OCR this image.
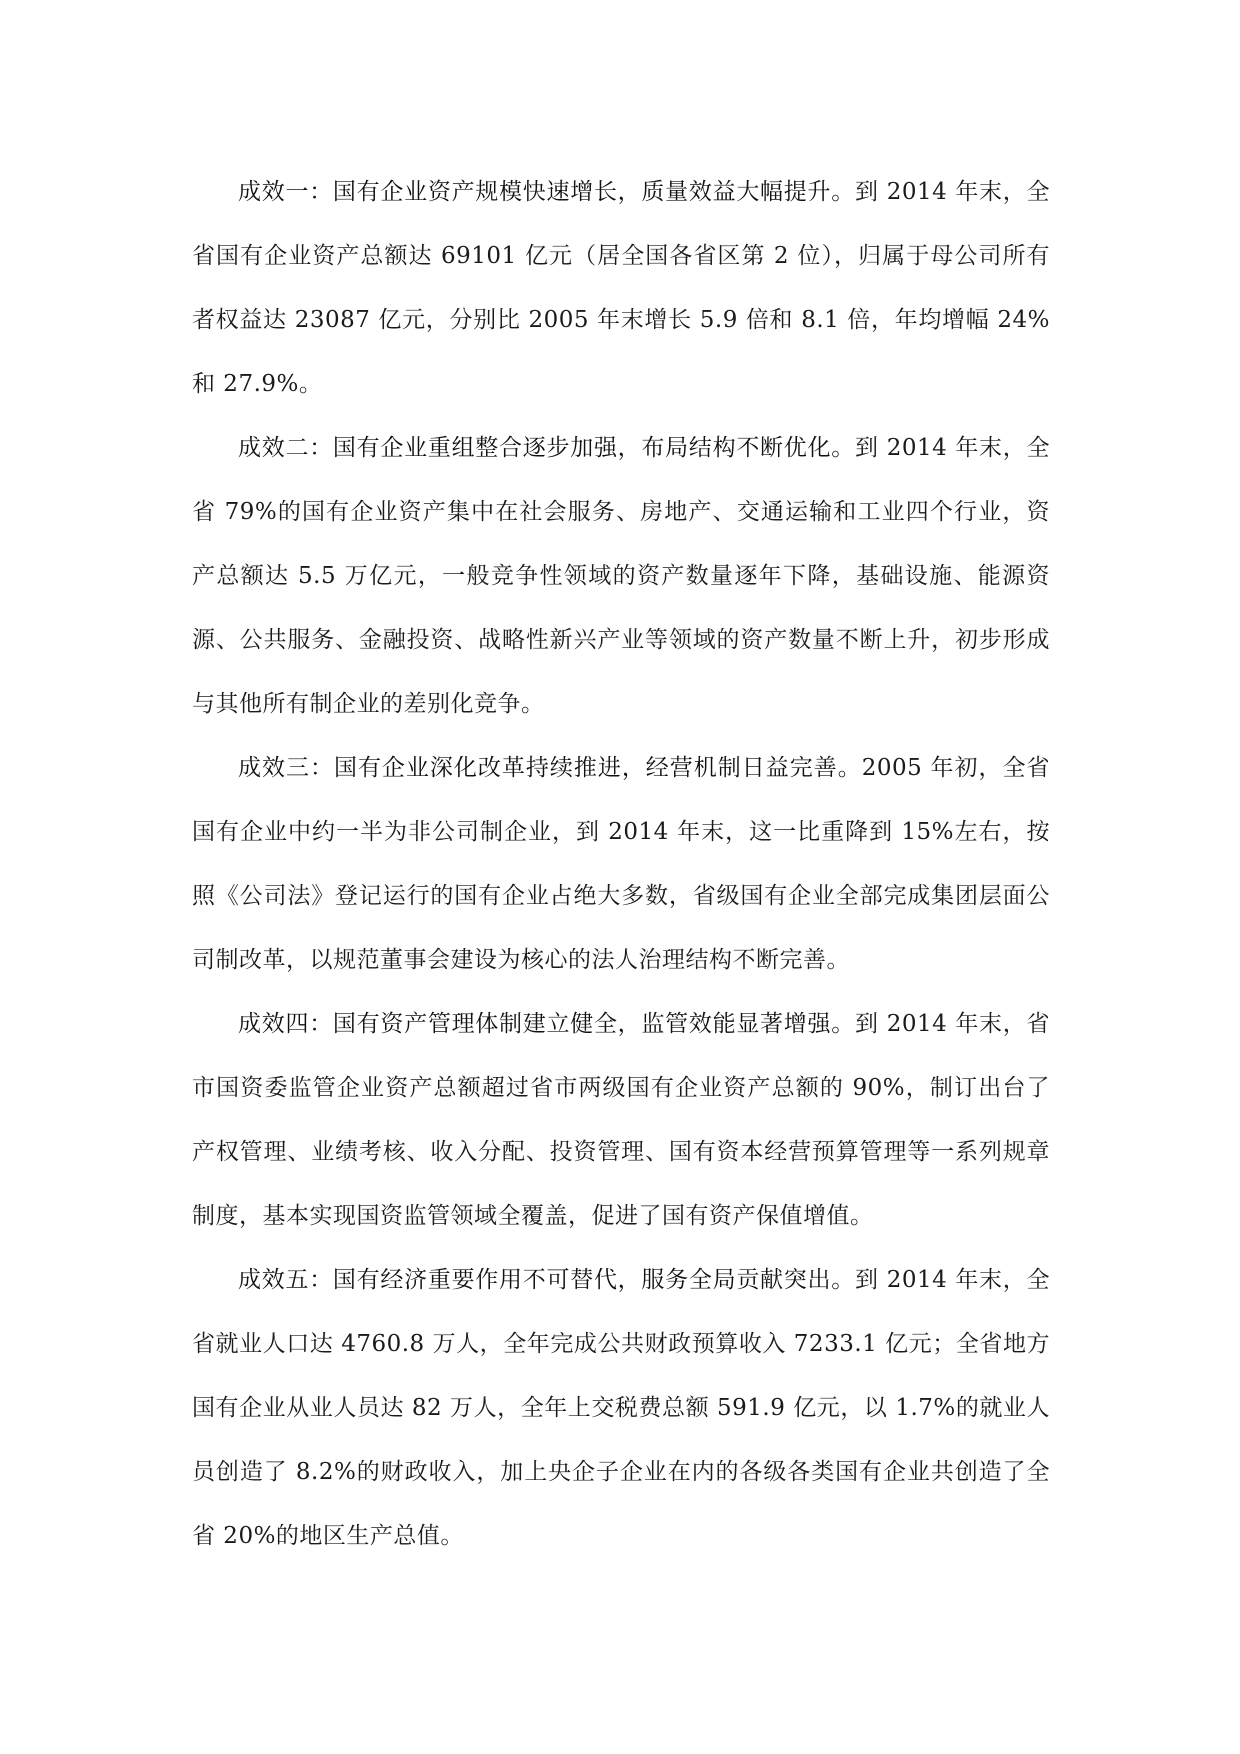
成效一：国有企业资产规模快速增长，质量效益大幅提升。到 2014 年末，全省国有企业资产总额达 69101 亿元（居全国各省区第 2 位），归属于母公司所有者权益达 23087 亿元，分别比 2005 年末增长 5.9 倍和 8.1 倍，年均增幅 24%和 27.9%。

成效二：国有企业重组整合逐步加强，布局结构不断优化。到 2014 年末，全省 79%的国有企业资产集中在社会服务、房地产、交通运输和工业四个行业，资产总额达 5.5 万亿元，一般竞争性领域的资产数量逐年下降，基础设施、能源资源、公共服务、金融投资、战略性新兴产业等领域的资产数量不断上升，初步形成与其他所有制企业的差别化竞争。

成效三：国有企业深化改革持续推进，经营机制日益完善。2005 年初，全省国有企业中约一半为非公司制企业，到 2014 年末，这一比重降到 15%左右，按照《公司法》登记运行的国有企业占绝大多数，省级国有企业全部完成集团层面公司制改革，以规范董事会建设为核心的法人治理结构不断完善。

成效四：国有资产管理体制建立健全，监管效能显著增强。到 2014 年末，省市国资委监管企业资产总额超过省市两级国有企业资产总额的 90%，制订出台了产权管理、业绩考核、收入分配、投资管理、国有资本经营预算管理等一系列规章制度，基本实现国资监管领域全覆盖，促进了国有资产保值增值。

成效五：国有经济重要作用不可替代，服务全局贡献突出。到 2014 年末，全省就业人口达 4760.8 万人，全年完成公共财政预算收入 7233.1 亿元；全省地方国有企业从业人员达 82 万人，全年上交税费总额 591.9 亿元，以 1.7%的就业人员创造了 8.2%的财政收入，加上央企子企业在内的各级各类国有企业共创造了全省 20%的地区生产总值。
